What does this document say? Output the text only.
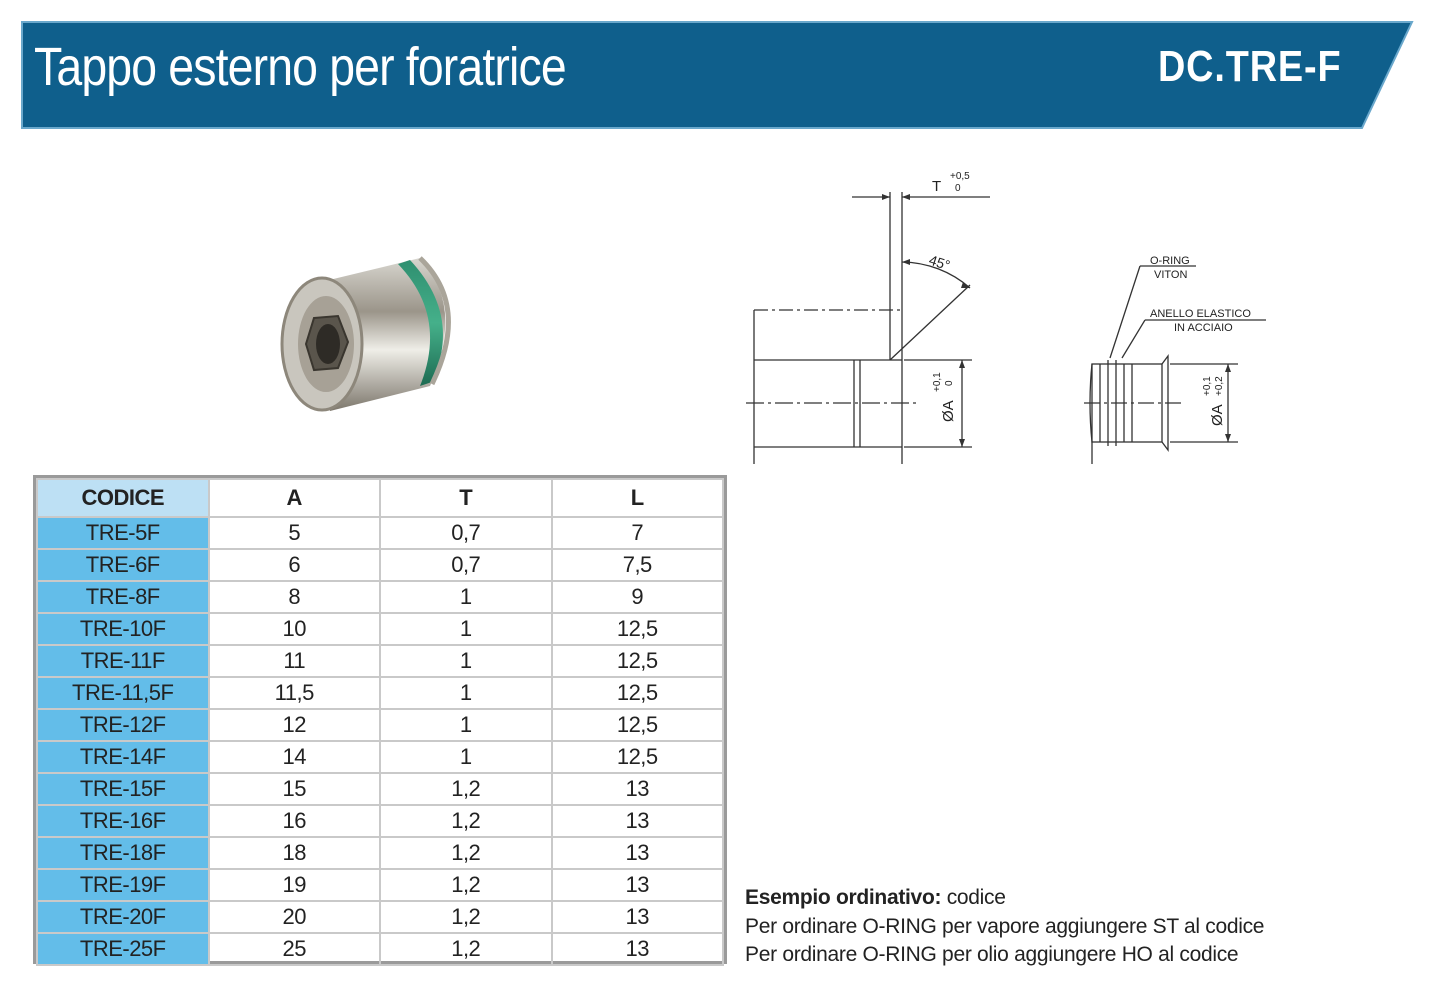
Tappo esterno per foratrice	DC.TRE-F
T
+0,5
0
45°
ØA
+0,1 0
O-RING
VITON
ANELLO ELASTICO
IN ACCIAIO
ØA
+0,1 +0,2
CODICE	A	T	L
TRE-5F	5	0,7	7
TRE-6F	6	0,7	7,5
TRE-8F	8	1	9
TRE-10F	10	1	12,5
TRE-11F	11	1	12,5
TRE-11,5F	11,5	1	12,5
TRE-12F	12	1	12,5
TRE-14F	14	1	12,5
TRE-15F	15	1,2	13
TRE-16F	16	1,2	13
TRE-18F	18	1,2	13
TRE-19F	19	1,2	13
TRE-20F	20	1,2	13
TRE-25F	25	1,2	13
Esempio ordinativo: codice
Per ordinare O-RING per vapore aggiungere ST al codice
Per ordinare O-RING per olio aggiungere HO al codice
